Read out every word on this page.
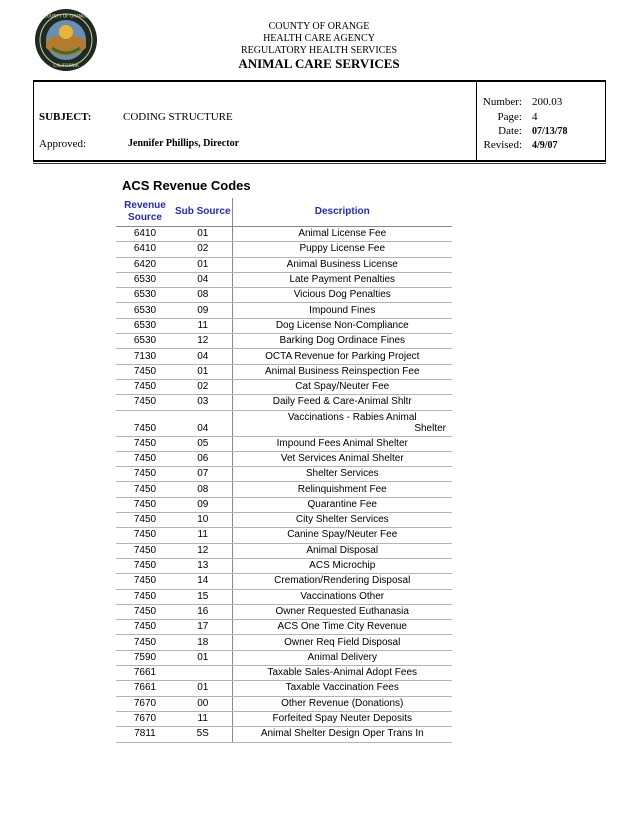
COUNTY OF ORANGE
CALIFORNIA
COUNTY OF ORANGE
HEALTH CARE AGENCY
REGULATORY HEALTH SERVICES
ANIMAL CARE SERVICES
SUBJECT:	CODING STRUCTURE
Approved:	Jennifer Phillips, Director
Number: 200.03
Page: 4
Date: 07/13/78
Revised: 4/9/07
ACS Revenue Codes
Revenue Source	Sub Source	Description
6410	01	Animal License Fee
6410	02	Puppy License Fee
6420	01	Animal Business License
6530	04	Late Payment Penalties
6530	08	Vicious Dog Penalties
6530	09	Impound Fines
6530	11	Dog License Non-Compliance
6530	12	Barking Dog Ordinace Fines
7130	04	OCTA Revenue for Parking Project
7450	01	Animal Business Reinspection Fee
7450	02	Cat Spay/Neuter Fee
7450	03	Daily Feed & Care-Animal Shltr
7450	04	Vaccinations - Rabies Animal
Shelter

7450	05	Impound Fees Animal Shelter
7450	06	Vet Services Animal Shelter
7450	07	Shelter Services
7450	08	Relinquishment Fee
7450	09	Quarantine Fee
7450	10	City Shelter Services
7450	11	Canine Spay/Neuter Fee
7450	12	Animal Disposal
7450	13	ACS Microchip
7450	14	Cremation/Rendering Disposal
7450	15	Vaccinations Other
7450	16	Owner Requested Euthanasia
7450	17	ACS One Time City Revenue
7450	18	Owner Req Field Disposal
7590	01	Animal Delivery
7661		Taxable Sales-Animal Adopt Fees
7661	01	Taxable Vaccination Fees
7670	00	Other Revenue (Donations)
7670	11	Forfeited Spay Neuter Deposits
7811	5S	Animal Shelter Design Oper Trans In
